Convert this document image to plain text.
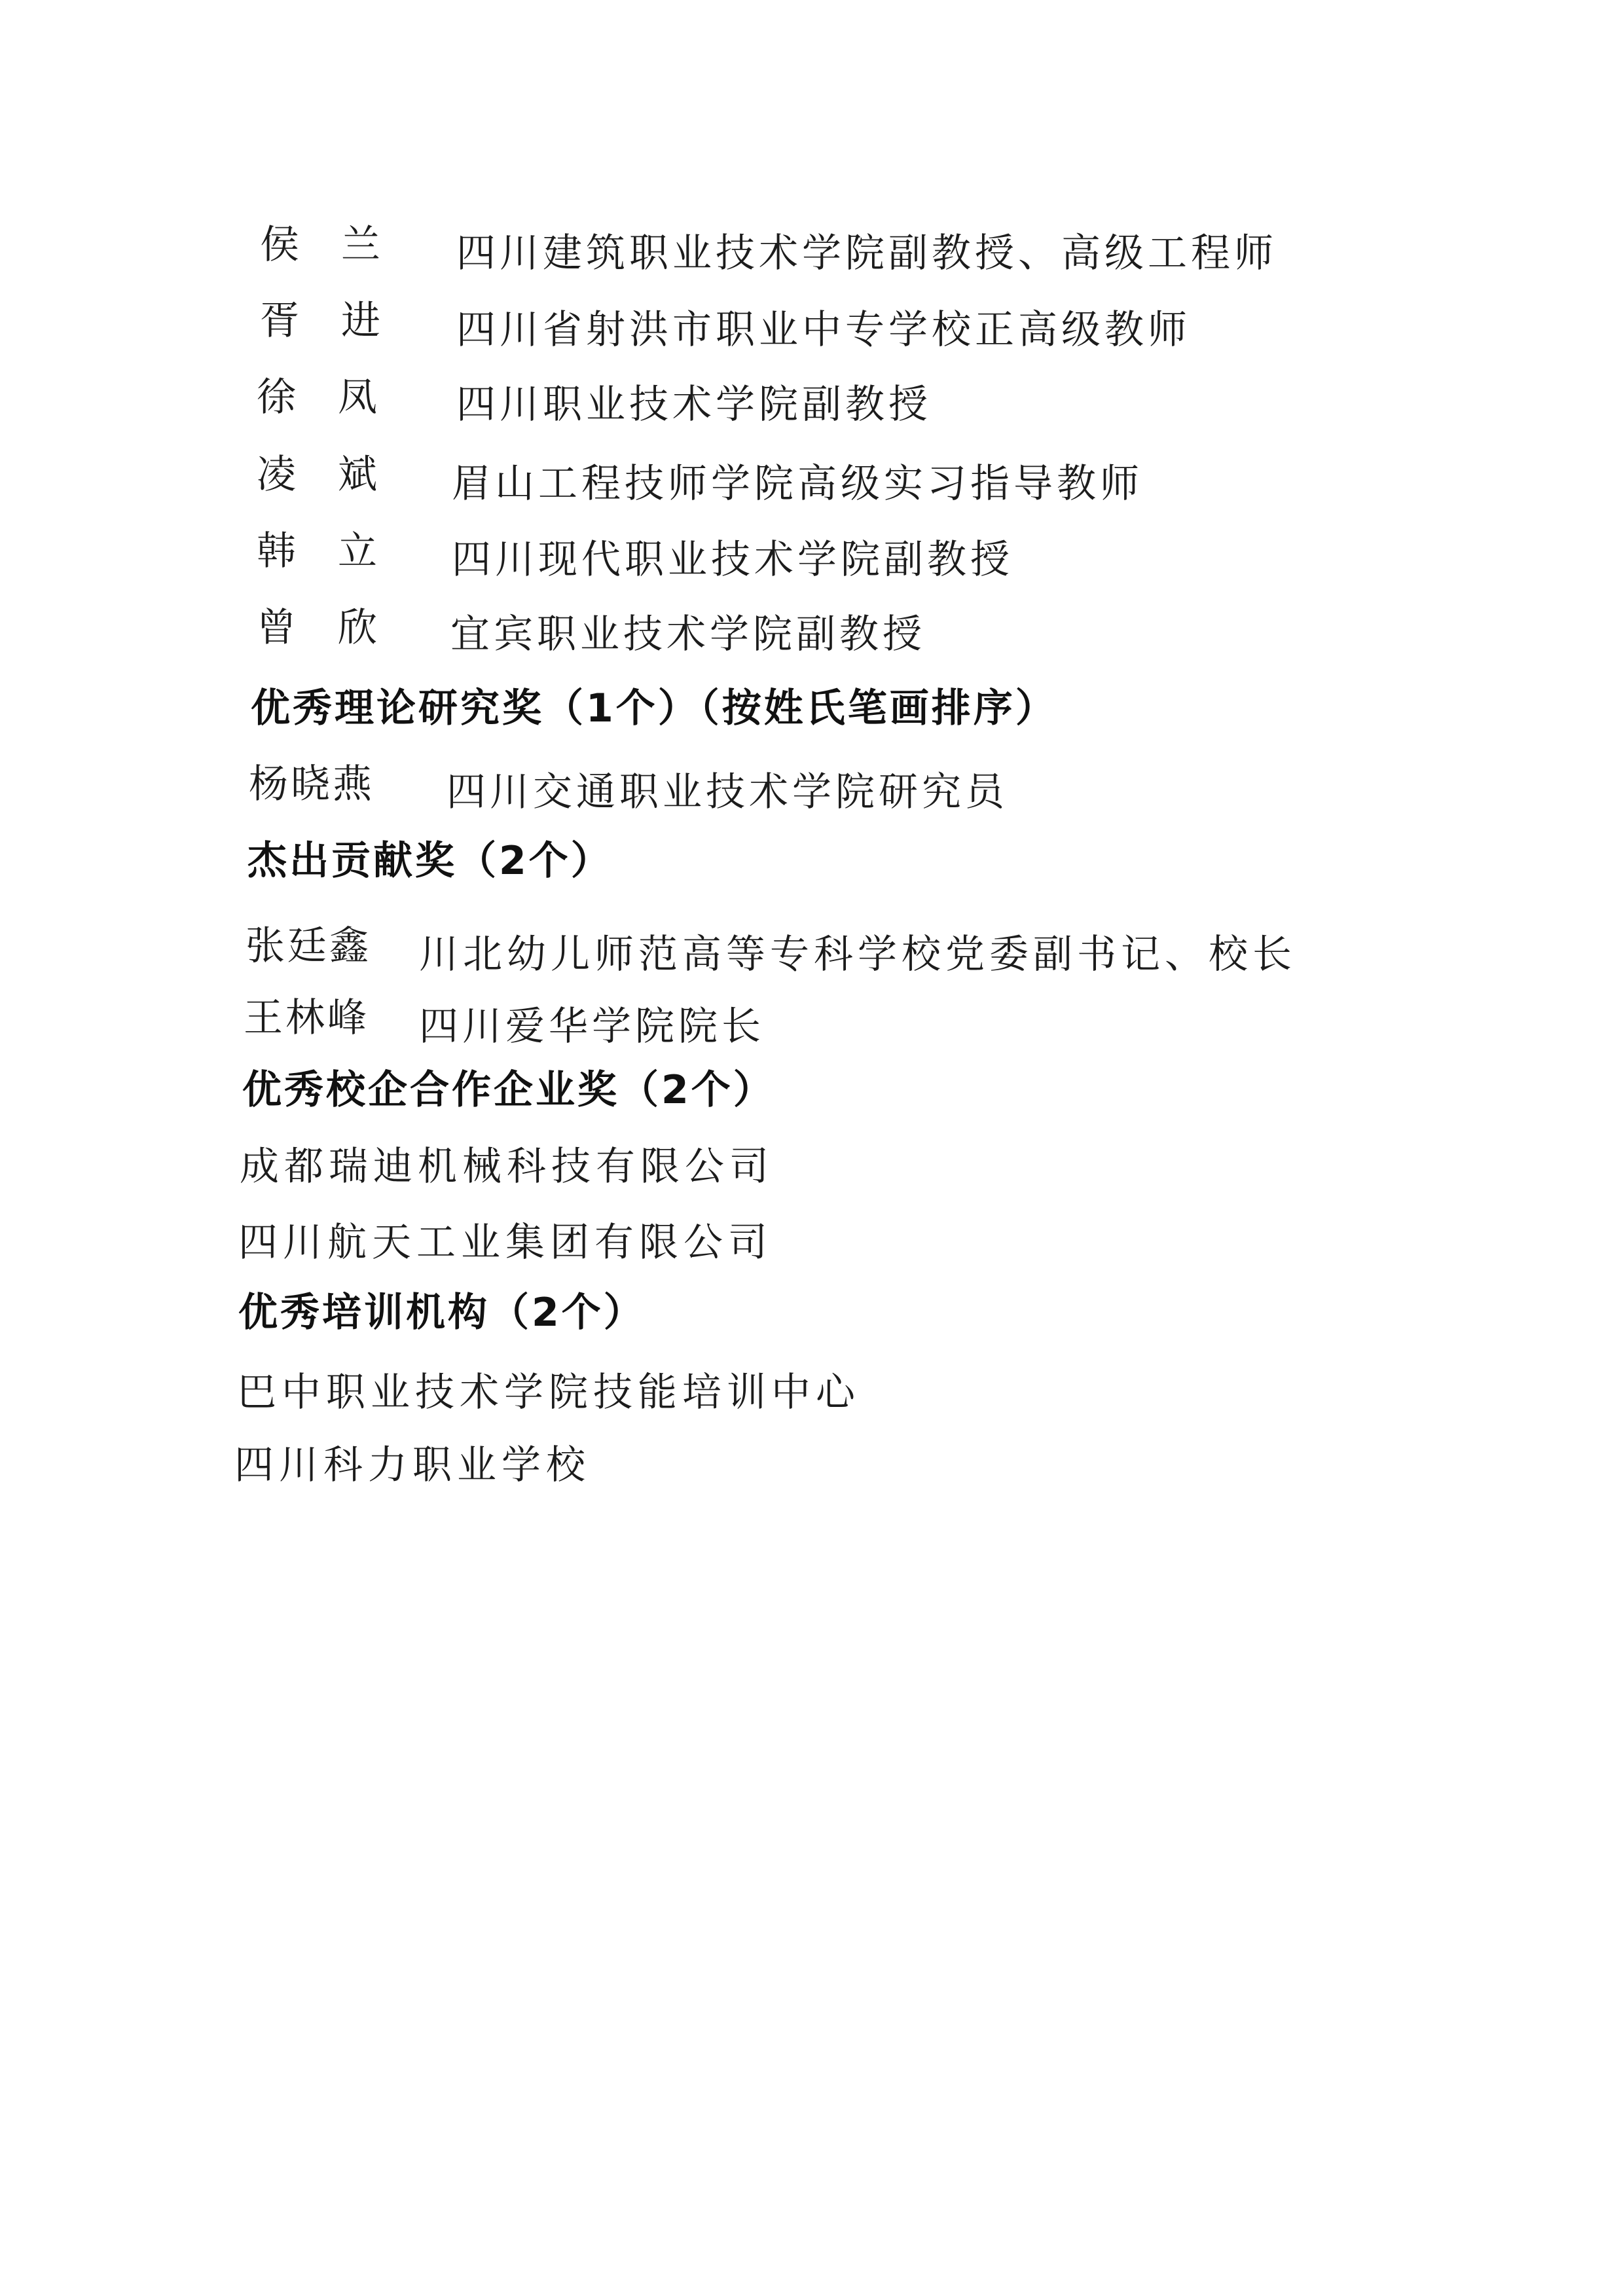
侯兰 四川建筑职业技术学院副教授、高级工程师
胥进 四川省射洪市职业中专学校正高级教师
徐凤 四川职业技术学院副教授
凌斌 眉山工程技师学院高级实习指导教师
韩立 四川现代职业技术学院副教授
曾欣 宜宾职业技术学院副教授
优秀理论研究奖（1个）（按姓氏笔画排序）
杨晓燕 四川交通职业技术学院研究员
杰出贡献奖（2个）
张廷鑫 川北幼儿师范高等专科学校党委副书记、校长
王林峰 四川爱华学院院长
优秀校企合作企业奖（2个）
成都瑞迪机械科技有限公司
四川航天工业集团有限公司
优秀培训机构（2个）
巴中职业技术学院技能培训中心
四川科力职业学校
